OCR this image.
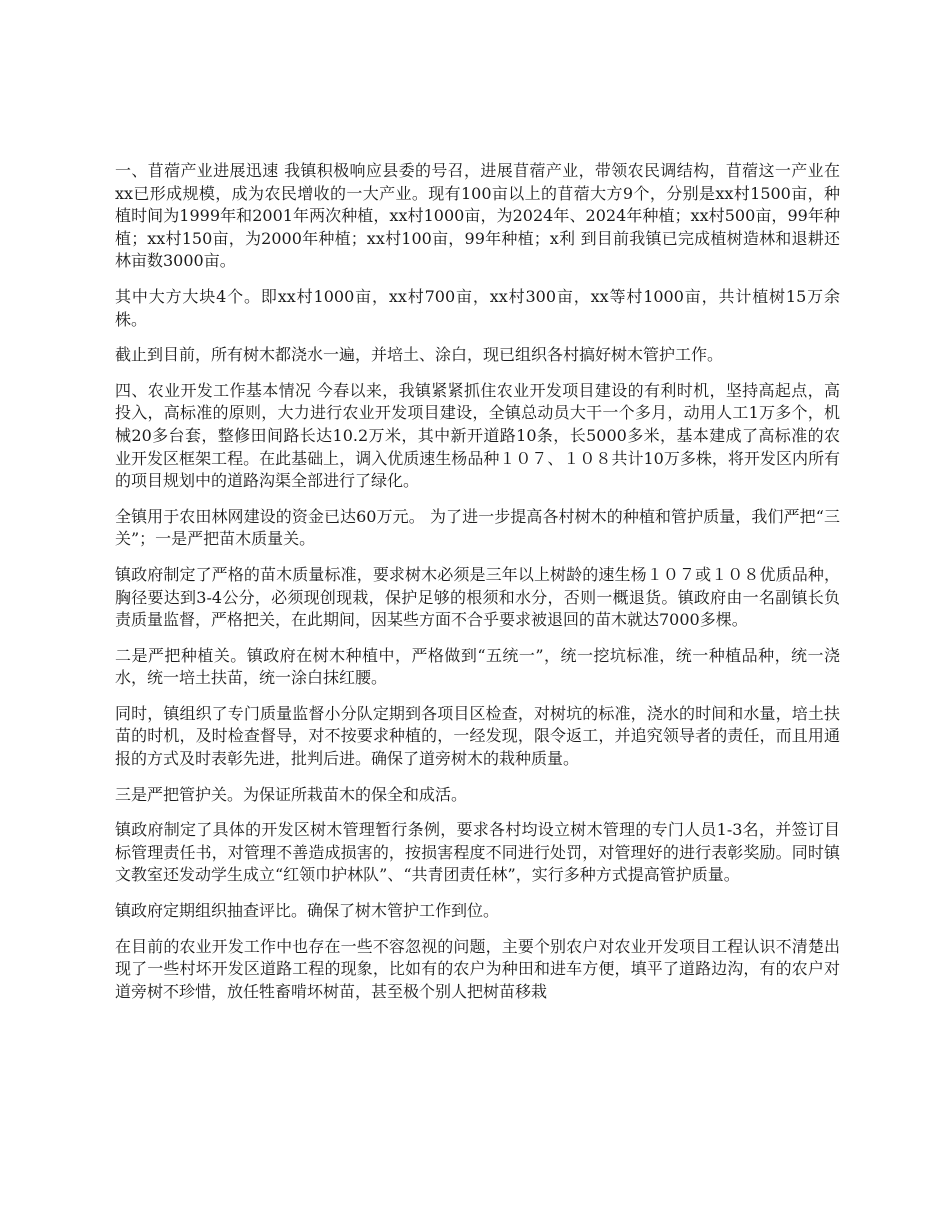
一、苜蓿产业进展迅速 我镇积极响应县委的号召，进展苜蓿产业，带领农民调结构，苜蓿这一产业在xx已形成规模，成为农民增收的一大产业。现有100亩以上的苜蓿大方9个，分别是xx村1500亩，种植时间为1999年和2001年两次种植，xx村1000亩，为2024年、2024年种植；xx村500亩，99年种植；xx村150亩，为2000年种植；xx村100亩，99年种植；x利 到目前我镇已完成植树造林和退耕还林亩数3000亩。

其中大方大块4个。即xx村1000亩，xx村700亩，xx村300亩，xx等村1000亩，共计植树15万余株。

截止到目前，所有树木都浇水一遍，并培土、涂白，现已组织各村搞好树木管护工作。

四、农业开发工作基本情况 今春以来，我镇紧紧抓住农业开发项目建设的有利时机，坚持高起点，高投入，高标准的原则，大力进行农业开发项目建设，全镇总动员大干一个多月，动用人工1万多个，机械20多台套，整修田间路长达10.2万米，其中新开道路10条，长5000多米，基本建成了高标准的农业开发区框架工程。在此基础上，调入优质速生杨品种１０７、１０８共计10万多株，将开发区内所有的项目规划中的道路沟渠全部进行了绿化。

全镇用于农田林网建设的资金已达60万元。 为了进一步提高各村树木的种植和管护质量，我们严把“三关”；一是严把苗木质量关。

镇政府制定了严格的苗木质量标准，要求树木必须是三年以上树龄的速生杨１０７或１０８优质品种，胸径要达到3-4公分，必须现创现栽，保护足够的根须和水分，否则一概退货。镇政府由一名副镇长负责质量监督，严格把关，在此期间，因某些方面不合乎要求被退回的苗木就达7000多棵。

二是严把种植关。镇政府在树木种植中，严格做到“五统一”，统一挖坑标准，统一种植品种，统一浇水，统一培土扶苗，统一涂白抹红腰。

同时，镇组织了专门质量监督小分队定期到各项目区检查，对树坑的标准，浇水的时间和水量，培土扶苗的时机，及时检查督导，对不按要求种植的，一经发现，限令返工，并追究领导者的责任，而且用通报的方式及时表彰先进，批判后进。确保了道旁树木的栽种质量。

三是严把管护关。为保证所栽苗木的保全和成活。

镇政府制定了具体的开发区树木管理暂行条例，要求各村均设立树木管理的专门人员1-3名，并签订目标管理责任书，对管理不善造成损害的，按损害程度不同进行处罚，对管理好的进行表彰奖励。同时镇文教室还发动学生成立“红领巾护林队”、“共青团责任林”，实行多种方式提高管护质量。

镇政府定期组织抽查评比。确保了树木管护工作到位。

在目前的农业开发工作中也存在一些不容忽视的问题，主要个别农户对农业开发项目工程认识不清楚出现了一些村坏开发区道路工程的现象，比如有的农户为种田和进车方便，填平了道路边沟，有的农户对道旁树不珍惜，放任牲畜啃坏树苗，甚至极个别人把树苗移栽
